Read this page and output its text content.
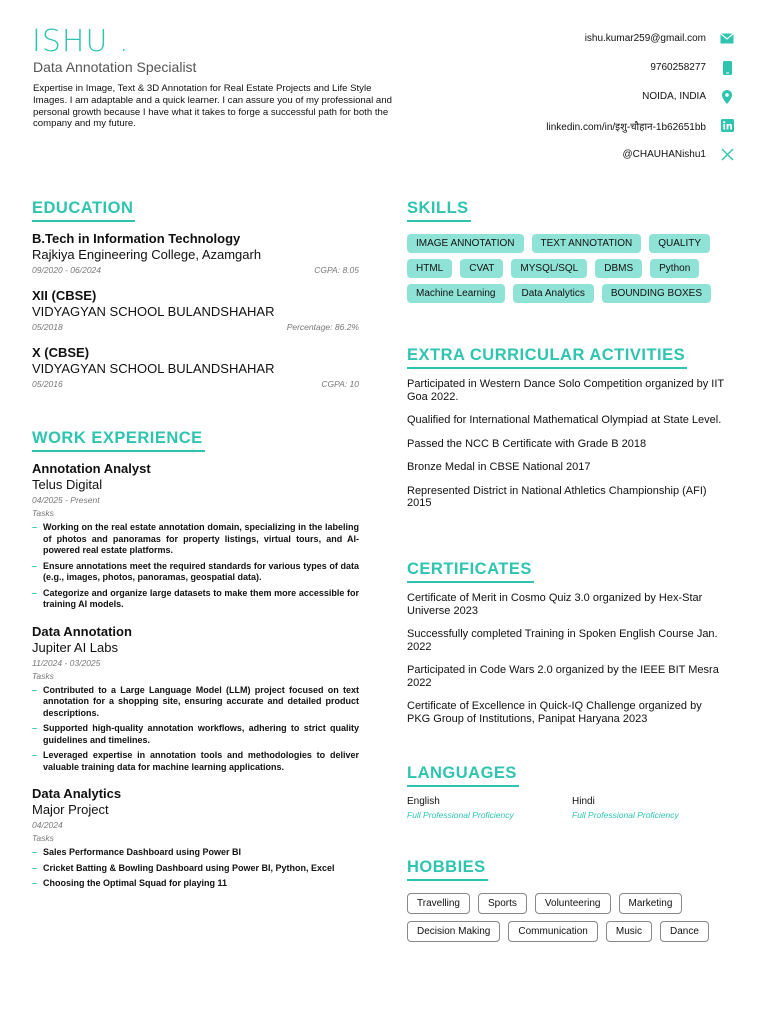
ISHU .
Data Annotation Specialist
Expertise in Image, Text & 3D Annotation for Real Estate Projects and Life Style Images. I am adaptable and a quick learner. I can assure you of my professional and personal growth because I have what it takes to forge a successful path for both the company and my future.
ishu.kumar259@gmail.com
9760258277
NOIDA, INDIA
linkedin.com/in/इशु-चौहान-1b62651bb
@CHAUHANishu1
EDUCATION
B.Tech in Information Technology
Rajkiya Engineering College, Azamgarh
09/2020 - 06/2024	CGPA: 8.05
XII (CBSE)
VIDYAGYAN SCHOOL BULANDSHAHAR
05/2018	Percentage: 86.2%
X (CBSE)
VIDYAGYAN SCHOOL BULANDSHAHAR
05/2016	CGPA: 10
WORK EXPERIENCE
Annotation Analyst
Telus Digital
04/2025 - Present
Tasks
– Working on the real estate annotation domain, specializing in the labeling of photos and panoramas for property listings, virtual tours, and AI-powered real estate platforms.
– Ensure annotations meet the required standards for various types of data (e.g., images, photos, panoramas, geospatial data).
– Categorize and organize large datasets to make them more accessible for training AI models.
Data Annotation
Jupiter AI Labs
11/2024 - 03/2025
Tasks
– Contributed to a Large Language Model (LLM) project focused on text annotation for a shopping site, ensuring accurate and detailed product descriptions.
– Supported high-quality annotation workflows, adhering to strict quality guidelines and timelines.
– Leveraged expertise in annotation tools and methodologies to deliver valuable training data for machine learning applications.
Data Analytics
Major Project
04/2024
Tasks
– Sales Performance Dashboard using Power BI
– Cricket Batting & Bowling Dashboard using Power BI, Python, Excel
– Choosing the Optimal Squad for playing 11
SKILLS
IMAGE ANNOTATION	TEXT ANNOTATION	QUALITY
HTML	CVAT	MYSQL/SQL	DBMS	Python
Machine Learning	Data Analytics	BOUNDING BOXES
EXTRA CURRICULAR ACTIVITIES
Participated in Western Dance Solo Competition organized by IIT Goa 2022.
Qualified for International Mathematical Olympiad at State Level.
Passed the NCC B Certificate with Grade B 2018
Bronze Medal in CBSE National 2017
Represented District in National Athletics Championship (AFI) 2015
CERTIFICATES
Certificate of Merit in Cosmo Quiz 3.0 organized by Hex-Star Universe 2023
Successfully completed Training in Spoken English Course Jan. 2022
Participated in Code Wars 2.0 organized by the IEEE BIT Mesra 2022
Certificate of Excellence in Quick-IQ Challenge organized by PKG Group of Institutions, Panipat Haryana 2023
LANGUAGES
English
Full Professional Proficiency
Hindi
Full Professional Proficiency
HOBBIES
Travelling	Sports	Volunteering	Marketing
Decision Making	Communication	Music	Dance
